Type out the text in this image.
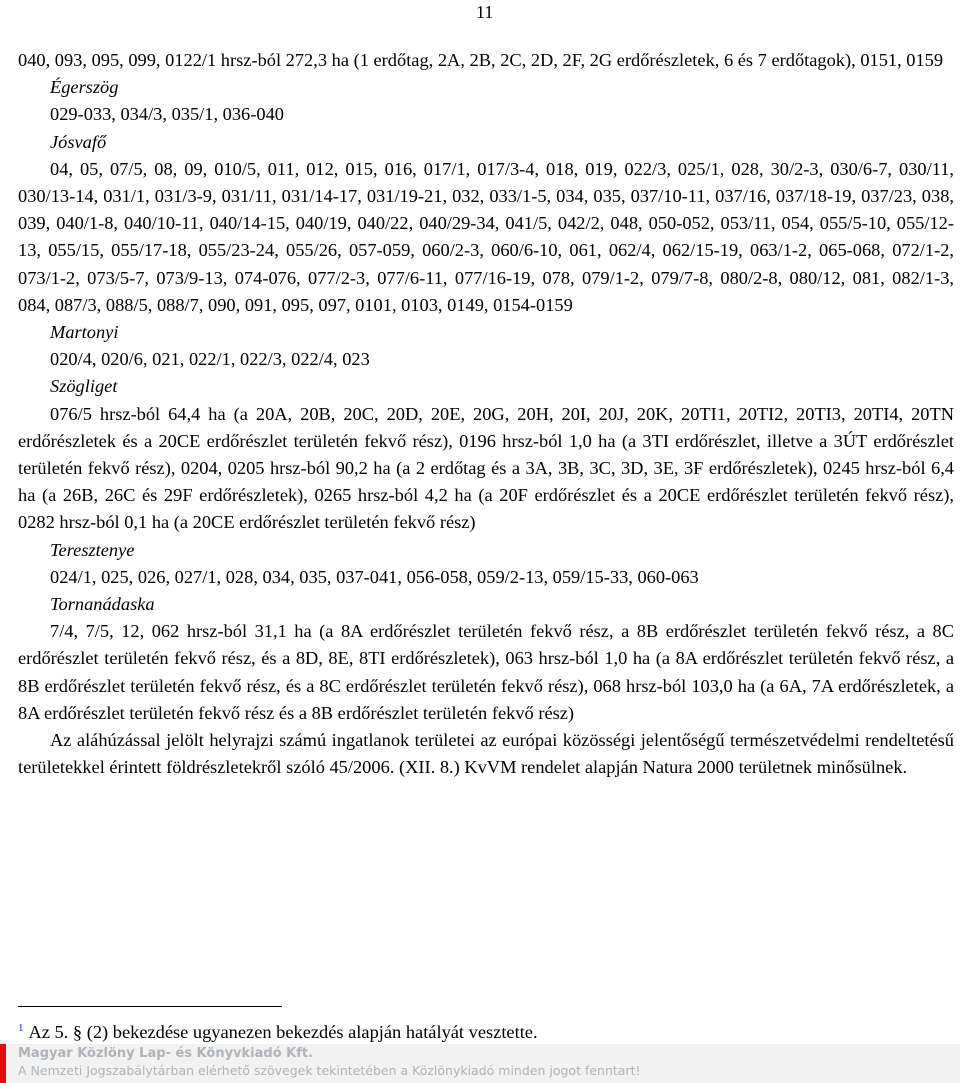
11

040, 093, 095, 099, 0122/1 hrsz-ból 272,3 ha (1 erdőtag, 2A, 2B, 2C, 2D, 2F, 2G erdőrészletek, 6 és 7 erdőtagok), 0151, 0159

Égerszög

029-033, 034/3, 035/1, 036-040

Jósvafő

04, 05, 07/5, 08, 09, 010/5, 011, 012, 015, 016, 017/1, 017/3-4, 018, 019, 022/3, 025/1, 028, 30/2-3, 030/6-7, 030/11, 030/13-14, 031/1, 031/3-9, 031/11, 031/14-17, 031/19-21, 032, 033/1-5, 034, 035, 037/10-11, 037/16, 037/18-19, 037/23, 038, 039, 040/1-8, 040/10-11, 040/14-15, 040/19, 040/22, 040/29-34, 041/5, 042/2, 048, 050-052, 053/11, 054, 055/5-10, 055/12-13, 055/15, 055/17-18, 055/23-24, 055/26, 057-059, 060/2-3, 060/6-10, 061, 062/4, 062/15-19, 063/1-2, 065-068, 072/1-2, 073/1-2, 073/5-7, 073/9-13, 074-076, 077/2-3, 077/6-11, 077/16-19, 078, 079/1-2, 079/7-8, 080/2-8, 080/12, 081, 082/1-3, 084, 087/3, 088/5, 088/7, 090, 091, 095, 097, 0101, 0103, 0149, 0154-0159

Martonyi

020/4, 020/6, 021, 022/1, 022/3, 022/4, 023

Szögliget

076/5 hrsz-ból 64,4 ha (a 20A, 20B, 20C, 20D, 20E, 20G, 20H, 20I, 20J, 20K, 20TI1, 20TI2, 20TI3, 20TI4, 20TN erdőrészletek és a 20CE erdőrészlet területén fekvő rész), 0196 hrsz-ból 1,0 ha (a 3TI erdőrészlet, illetve a 3ÚT erdőrészlet területén fekvő rész), 0204, 0205 hrsz-ból 90,2 ha (a 2 erdőtag és a 3A, 3B, 3C, 3D, 3E, 3F erdőrészletek), 0245 hrsz-ból 6,4 ha (a 26B, 26C és 29F erdőrészletek), 0265 hrsz-ból 4,2 ha (a 20F erdőrészlet és a 20CE erdőrészlet területén fekvő rész), 0282 hrsz-ból 0,1 ha (a 20CE erdőrészlet területén fekvő rész)

Teresztenye

024/1, 025, 026, 027/1, 028, 034, 035, 037-041, 056-058, 059/2-13, 059/15-33, 060-063

Tornanádaska

7/4, 7/5, 12, 062 hrsz-ból 31,1 ha (a 8A erdőrészlet területén fekvő rész, a 8B erdőrészlet területén fekvő rész, a 8C erdőrészlet területén fekvő rész, és a 8D, 8E, 8TI erdőrészletek), 063 hrsz-ból 1,0 ha (a 8A erdőrészlet területén fekvő rész, a 8B erdőrészlet területén fekvő rész, és a 8C erdőrészlet területén fekvő rész), 068 hrsz-ból 103,0 ha (a 6A, 7A erdőrészletek, a 8A erdőrészlet területén fekvő rész és a 8B erdőrészlet területén fekvő rész)

Az aláhúzással jelölt helyrajzi számú ingatlanok területei az európai közösségi jelentőségű természetvédelmi rendeltetésű területekkel érintett földrészletekről szóló 45/2006. (XII. 8.) KvVM rendelet alapján Natura 2000 területnek minősülnek.

$^1$ Az 5. § (2) bekezdése ugyanezen bekezdés alapján hatályát vesztette.
Magyar Közlöny Lap- és Könyvkiadó Kft.
A Nemzeti Jogszabálytárban elérhető szövegek tekintetében a Közlönykiadó minden jogot fenntart!
